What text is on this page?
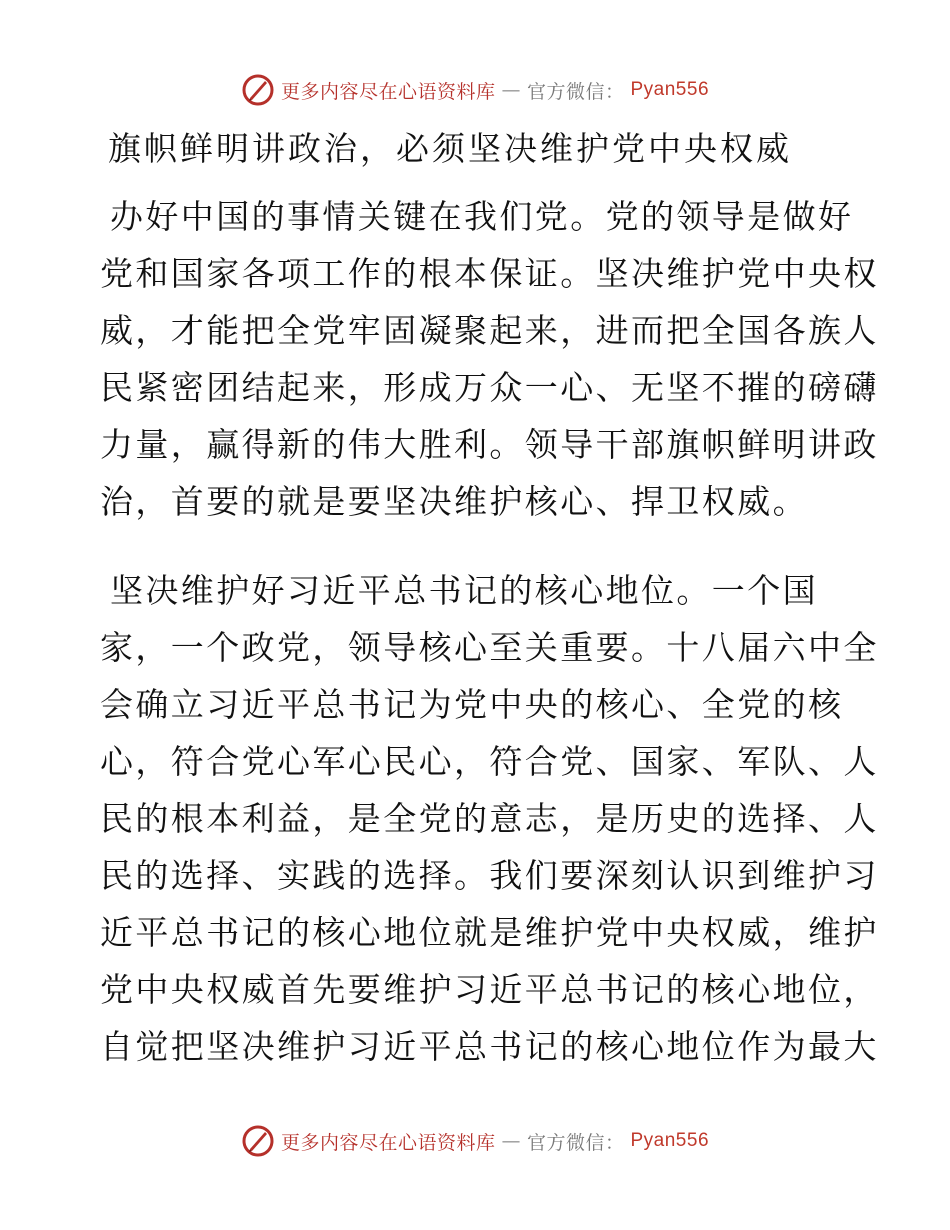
更多内容尽在心语资料库 — 官方微信： Pyan556
旗帜鲜明讲政治，必须坚决维护党中央权威
办好中国的事情关键在我们党。党的领导是做好
党和国家各项工作的根本保证。坚决维护党中央权
威，才能把全党牢固凝聚起来，进而把全国各族人
民紧密团结起来，形成万众一心、无坚不摧的磅礴
力量，赢得新的伟大胜利。领导干部旗帜鲜明讲政
治，首要的就是要坚决维护核心、捍卫权威。
坚决维护好习近平总书记的核心地位。一个国
家，一个政党，领导核心至关重要。十八届六中全
会确立习近平总书记为党中央的核心、全党的核
心，符合党心军心民心，符合党、国家、军队、人
民的根本利益，是全党的意志，是历史的选择、人
民的选择、实践的选择。我们要深刻认识到维护习
近平总书记的核心地位就是维护党中央权威，维护
党中央权威首先要维护习近平总书记的核心地位，
自觉把坚决维护习近平总书记的核心地位作为最大
更多内容尽在心语资料库 — 官方微信： Pyan556
